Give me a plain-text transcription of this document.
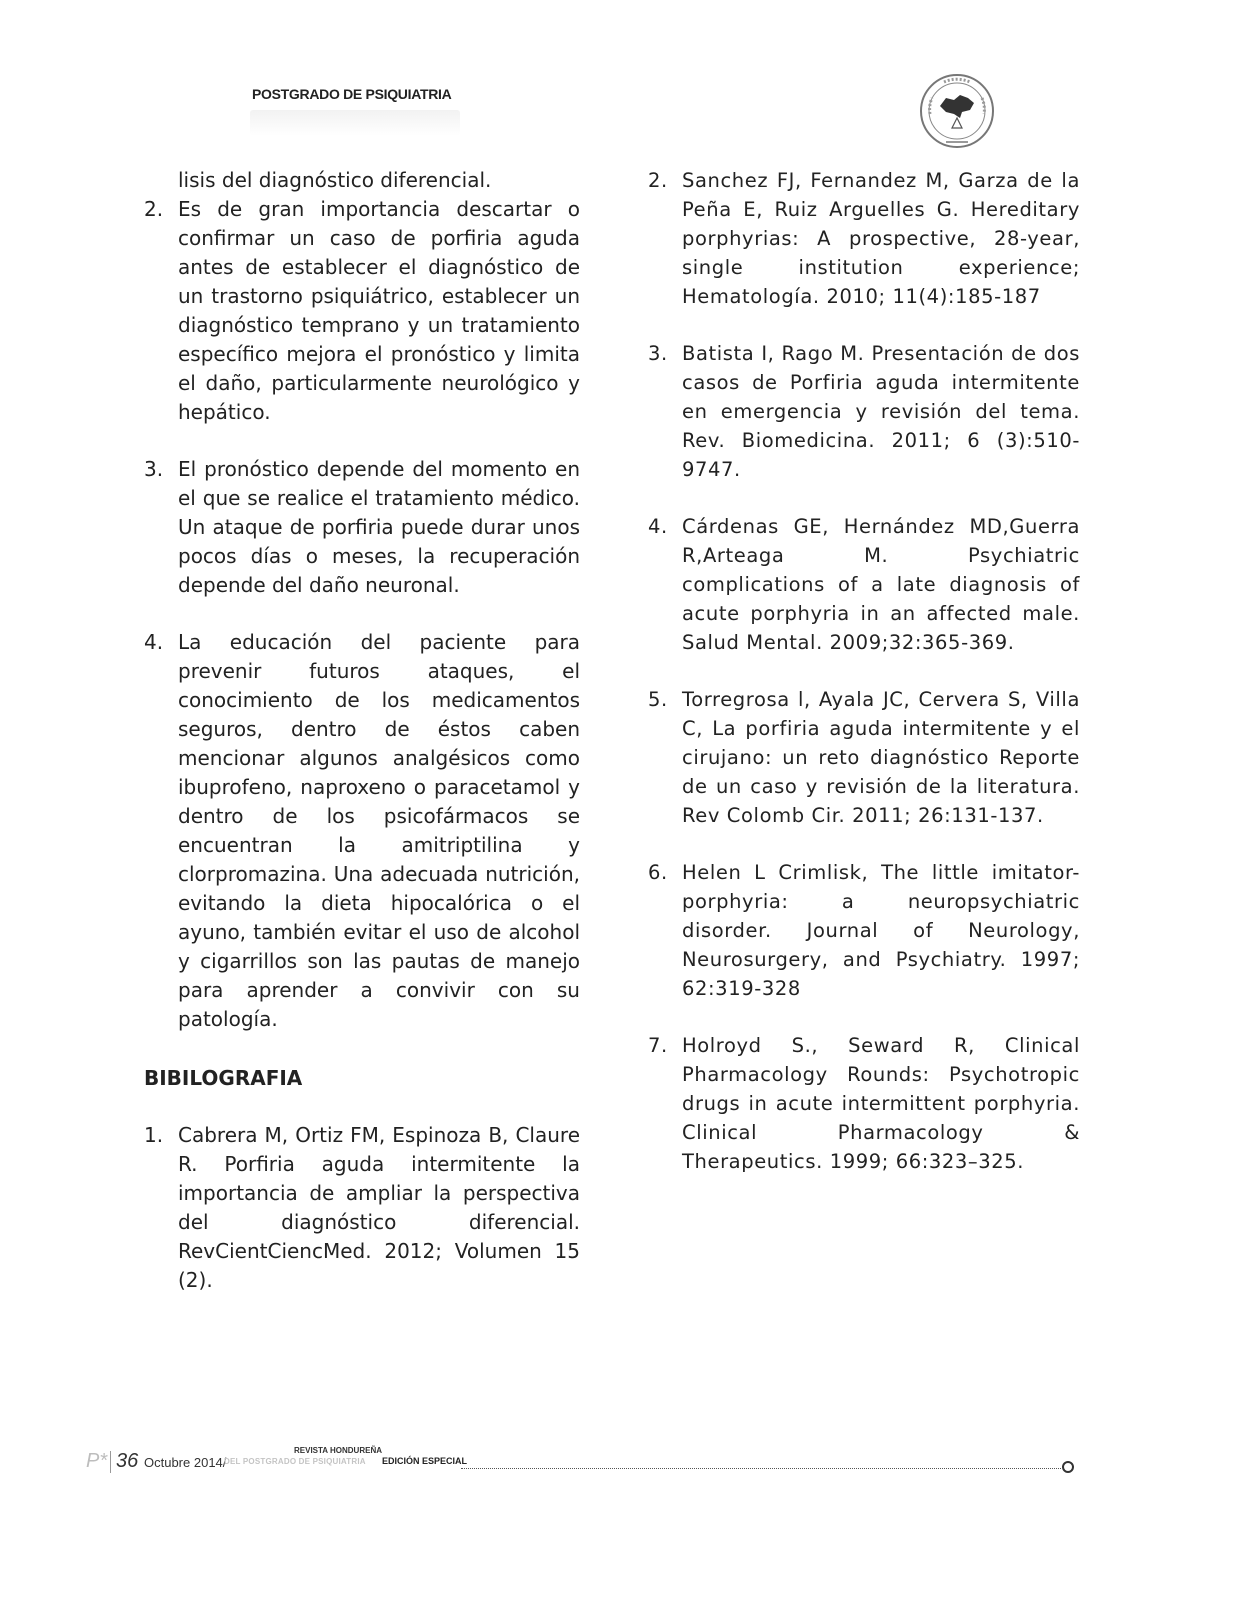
POSTGRADO DE PSIQUIATRIA
lisis del diagnóstico diferencial.
2. Es de gran importancia descartar o confirmar un caso de porfiria aguda antes de establecer el diagnóstico de un trastorno psiquiátrico, establecer un diagnóstico temprano y un tratamiento específico mejora el pronóstico y limita el daño, particularmente neurológico y hepático.
3. El pronóstico depende del momento en el que se realice el tratamiento médico. Un ataque de porfiria puede durar unos pocos días o meses, la recuperación depende del daño neuronal.
4. La educación del paciente para prevenir futuros ataques, el conocimiento de los medicamentos seguros, dentro de éstos caben mencionar algunos analgésicos como ibuprofeno, naproxeno o paracetamol y dentro de los psicofármacos se encuentran la amitriptilina y clorpromazina. Una adecuada nutrición, evitando la dieta hipocalórica o el ayuno, también evitar el uso de alcohol y cigarrillos son las pautas de manejo para aprender a convivir con su patología.
BIBILOGRAFIA
1. Cabrera M, Ortiz FM, Espinoza B, Claure R. Porfiria aguda intermitente la importancia de ampliar la perspectiva del diagnóstico diferencial. RevCientCiencMed. 2012; Volumen 15 (2).
2. Sanchez FJ, Fernandez M, Garza de la Peña E, Ruiz Arguelles G. Hereditary porphyrias: A prospective, 28-year, single institution experience; Hematología. 2010; 11(4):185-187
3. Batista I, Rago M. Presentación de dos casos de Porfiria aguda intermitente en emergencia y revisión del tema. Rev. Biomedicina. 2011; 6 (3):510-9747.
4. Cárdenas GE, Hernández MD,Guerra R,Arteaga M. Psychiatric complications of a late diagnosis of acute porphyria in an affected male. Salud Mental. 2009;32:365-369.
5. Torregrosa l, Ayala JC, Cervera S, Villa C, La porfiria aguda intermitente y el cirujano: un reto diagnóstico Reporte de un caso y revisión de la literatura. Rev Colomb Cir. 2011; 26:131-137.
6. Helen L Crimlisk, The little imitator-porphyria: a neuropsychiatric disorder. Journal of Neurology, Neurosurgery, and Psychiatry. 1997; 62:319-328
7. Holroyd S., Seward R, Clinical Pharmacology Rounds: Psychotropic drugs in acute intermittent porphyria. Clinical Pharmacology & Therapeutics. 1999; 66:323–325.
P* 36 Octubre 2014/
REVISTA HONDUREÑA
DEL POSTGRADO DE PSIQUIATRIA EDICIÓN ESPECIAL
